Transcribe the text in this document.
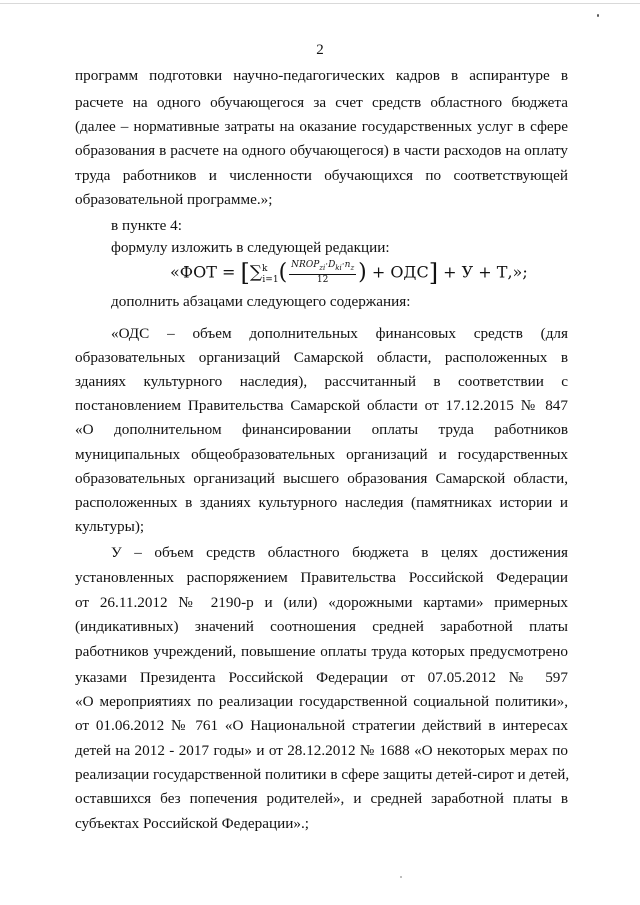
2
программ подготовки научно-педагогических кадров в аспирантуре в
расчете на одного обучающегося за счет средств областного бюджета
(далее – нормативные затраты на оказание государственных услуг в сфере
образования в расчете на одного обучающегося) в части расходов на оплату
труда работников и численности обучающихся по соответствующей
образовательной программе.»;
в пункте 4:
формулу изложить в следующей редакции:
дополнить абзацами следующего содержания:
«ОДС – объем дополнительных финансовых средств (для
образовательных организаций Самарской области, расположенных в
зданиях культурного наследия), рассчитанный в соответствии с
постановлением Правительства Самарской области от 17.12.2015 № 847
«О дополнительном финансировании оплаты труда работников
муниципальных общеобразовательных организаций и государственных
образовательных организаций высшего образования Самарской области,
расположенных в зданиях культурного наследия (памятниках истории и
культуры);
У – объем средств областного бюджета в целях достижения
установленных распоряжением Правительства Российской Федерации
от 26.11.2012 № 2190-р и (или) «дорожными картами» примерных
(индикативных) значений соотношения средней заработной платы
работников учреждений, повышение оплаты труда которых предусмотрено
указами Президента Российской Федерации от 07.05.2012 № 597
«О мероприятиях по реализации государственной социальной политики»,
от 01.06.2012 № 761 «О Национальной стратегии действий в интересах
детей на 2012 - 2017 годы» и от 28.12.2012 № 1688 «О некоторых мерах по
реализации государственной политики в сфере защиты детей-сирот и детей,
оставшихся без попечения родителей», и средней заработной платы в
субъектах Российской Федерации».;
«ФОТ = [$\sum^k_{i=1}( \frac{NROP_{zi}\cdot D_{ki}\cdot n_z}{12}$ ) + ОДС] + У + Т,»;
